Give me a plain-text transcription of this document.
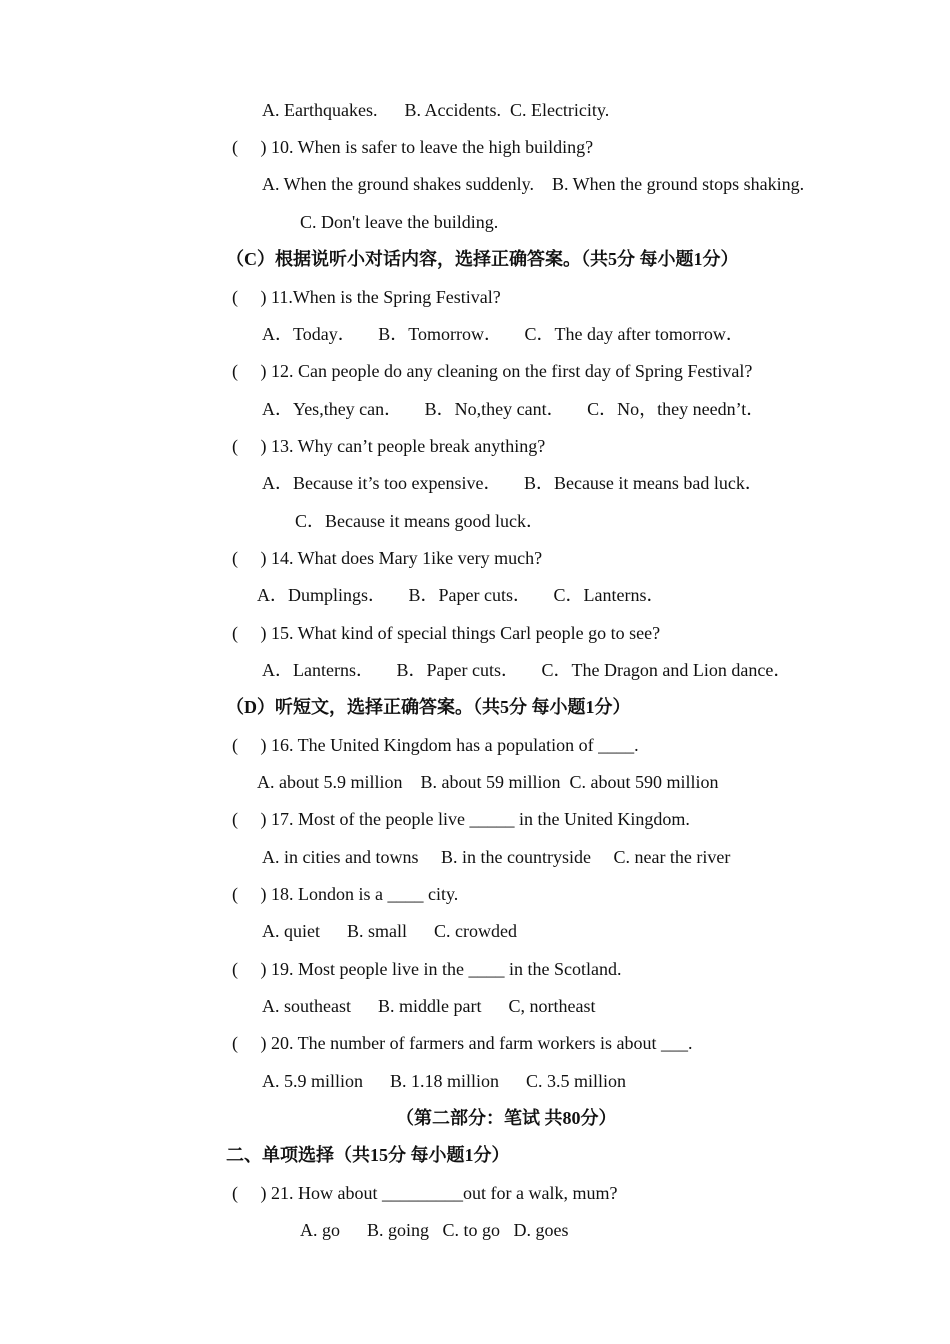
A. Earthquakes.      B. Accidents.  C. Electricity.
(     ) 10. When is safer to leave the high building?
A. When the ground shakes suddenly.    B. When the ground stops shaking.
C. Don't leave the building.
（C）根据说听小对话内容，选择正确答案。（共5分 每小题1分）
(     ) 11.When is the Spring Festival?
A．Today．     B．Tomorrow．     C．The day after tomorrow．
(     ) 12. Can people do any cleaning on the first day of Spring Festival?
A．Yes,they can．     B．No,they cant．     C．No，they needn’t．
(     ) 13. Why can’t people break anything?
A．Because it’s too expensive．     B．Because it means bad luck．
C．Because it means good luck．
(     ) 14. What does Mary 1ike very much?
A．Dumplings．     B．Paper cuts．     C．Lanterns．
(     ) 15. What kind of special things Carl people go to see?
A．Lanterns．     B．Paper cuts．     C．The Dragon and Lion dance．
（D）听短文，选择正确答案。（共5分 每小题1分）
(     ) 16. The United Kingdom has a population of ____.
A. about 5.9 million    B. about 59 million  C. about 590 million
(     ) 17. Most of the people live _____ in the United Kingdom.
A. in cities and towns     B. in the countryside     C. near the river
(     ) 18. London is a ____ city.
A. quiet      B. small      C. crowded
(     ) 19. Most people live in the ____ in the Scotland.
A. southeast      B. middle part      C, northeast
(     ) 20. The number of farmers and farm workers is about ___.
A. 5.9 million      B. 1.18 million      C. 3.5 million
（第二部分：笔试 共80分）
二、单项选择（共15分 每小题1分）
(     ) 21. How about _________out for a walk, mum?
A. go      B. going   C. to go   D. goes
